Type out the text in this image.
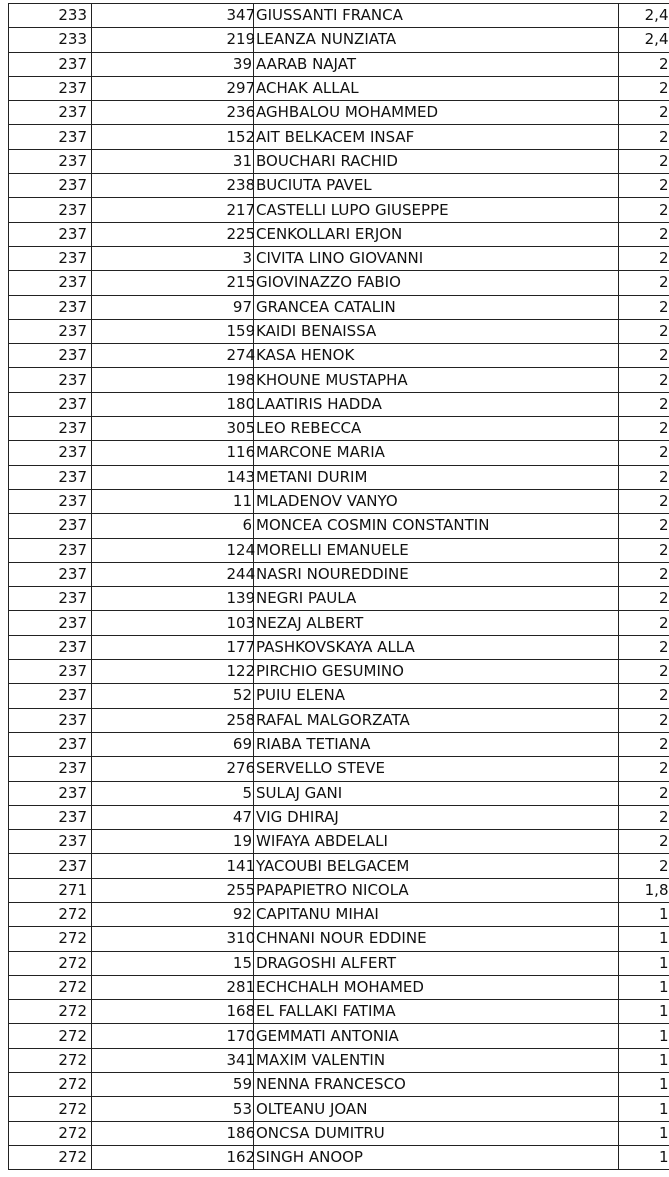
233		347	GIUSSANTI FRANCA	2,4
233		219	LEANZA NUNZIATA	2,4
237		39	AARAB NAJAT	2
237		297	ACHAK ALLAL	2
237		236	AGHBALOU MOHAMMED	2
237		152	AIT BELKACEM INSAF	2
237		31	BOUCHARI RACHID	2
237		238	BUCIUTA PAVEL	2
237		217	CASTELLI LUPO GIUSEPPE	2
237		225	CENKOLLARI ERJON	2
237		3	CIVITA LINO GIOVANNI	2
237		215	GIOVINAZZO FABIO	2
237		97	GRANCEA CATALIN	2
237		159	KAIDI BENAISSA	2
237		274	KASA HENOK	2
237		198	KHOUNE MUSTAPHA	2
237		180	LAATIRIS HADDA	2
237		305	LEO REBECCA	2
237		116	MARCONE MARIA	2
237		143	METANI DURIM	2
237		11	MLADENOV VANYO	2
237		6	MONCEA COSMIN CONSTANTIN	2
237		124	MORELLI EMANUELE	2
237		244	NASRI NOUREDDINE	2
237		139	NEGRI PAULA	2
237		103	NEZAJ ALBERT	2
237		177	PASHKOVSKAYA ALLA	2
237		122	PIRCHIO GESUMINO	2
237		52	PUIU ELENA	2
237		258	RAFAL MALGORZATA	2
237		69	RIABA TETIANA	2
237		276	SERVELLO STEVE	2
237		5	SULAJ GANI	2
237		47	VIG DHIRAJ	2
237		19	WIFAYA ABDELALI	2
237		141	YACOUBI BELGACEM	2
271		255	PAPAPIETRO NICOLA	1,8
272		92	CAPITANU MIHAI	1
272		310	CHNANI NOUR EDDINE	1
272		15	DRAGOSHI ALFERT	1
272		281	ECHCHALH MOHAMED	1
272		168	EL FALLAKI FATIMA	1
272		170	GEMMATI ANTONIA	1
272		341	MAXIM VALENTIN	1
272		59	NENNA FRANCESCO	1
272		53	OLTEANU JOAN	1
272		186	ONCSA DUMITRU	1
272		162	SINGH ANOOP	1
